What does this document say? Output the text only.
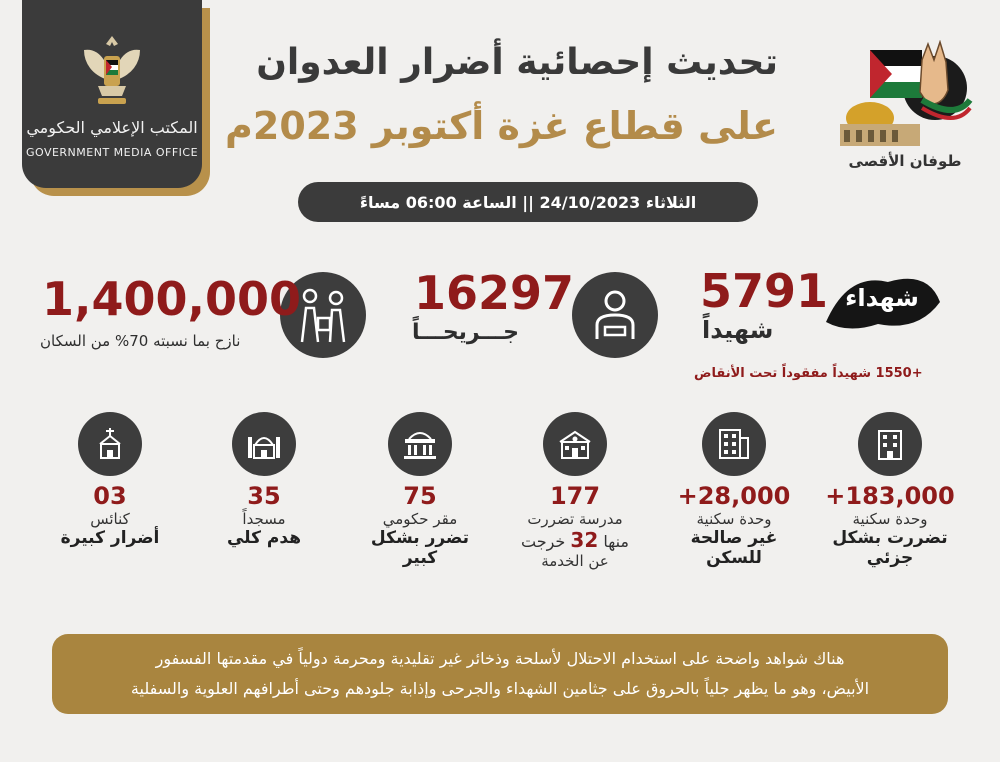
المكتب الإعلامي الحكومي
GOVERNMENT MEDIA OFFICE
تحديث إحصائية أضرار العدوان
على قطاع غزة أكتوبر 2023م
طوفان الأقصى
الثلاثاء 24/10/2023 || الساعة 06:00 مساءً
شهداء
5791
شهيداً
+1550 شهيداً مفقوداً تحت الأنقاض
16297
جـــريحـــاً
1,400,000
نازح بما نسبته 70% من السكان
+183,000
وحدة سكنية
تضررت بشكل
جزئي
+28,000
وحدة سكنية
غير صالحة
للسكن
177
مدرسة تضررت
منها 32 خرجت
عن الخدمة
75
مقر حكومي
تضرر بشكل
كبير
35
مسجداً
هدم كلي
03
كنائس
أضرار كبيرة
هناك شواهد واضحة على استخدام الاحتلال لأسلحة وذخائر غير تقليدية ومحرمة دولياً في مقدمتها الفسفور
الأبيض، وهو ما يظهر جلياً بالحروق على جثامين الشهداء والجرحى وإذابة جلودهم وحتى أطرافهم العلوية والسفلية
